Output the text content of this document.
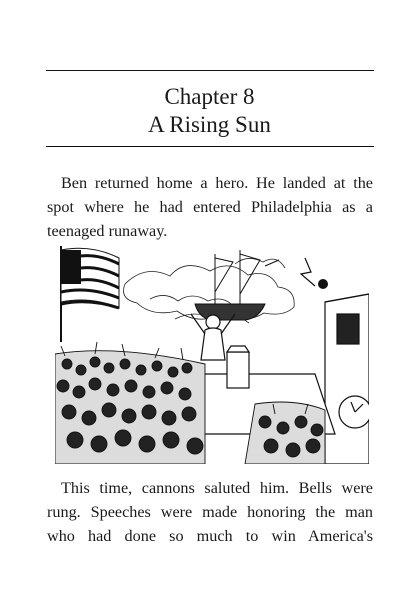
Chapter 8
A Rising Sun
Ben returned home a hero. He landed at the
spot where he had entered Philadelphia as a
teenaged runaway.
This time, cannons saluted him. Bells were
rung. Speeches were made honoring the man
who had done so much to win America's
